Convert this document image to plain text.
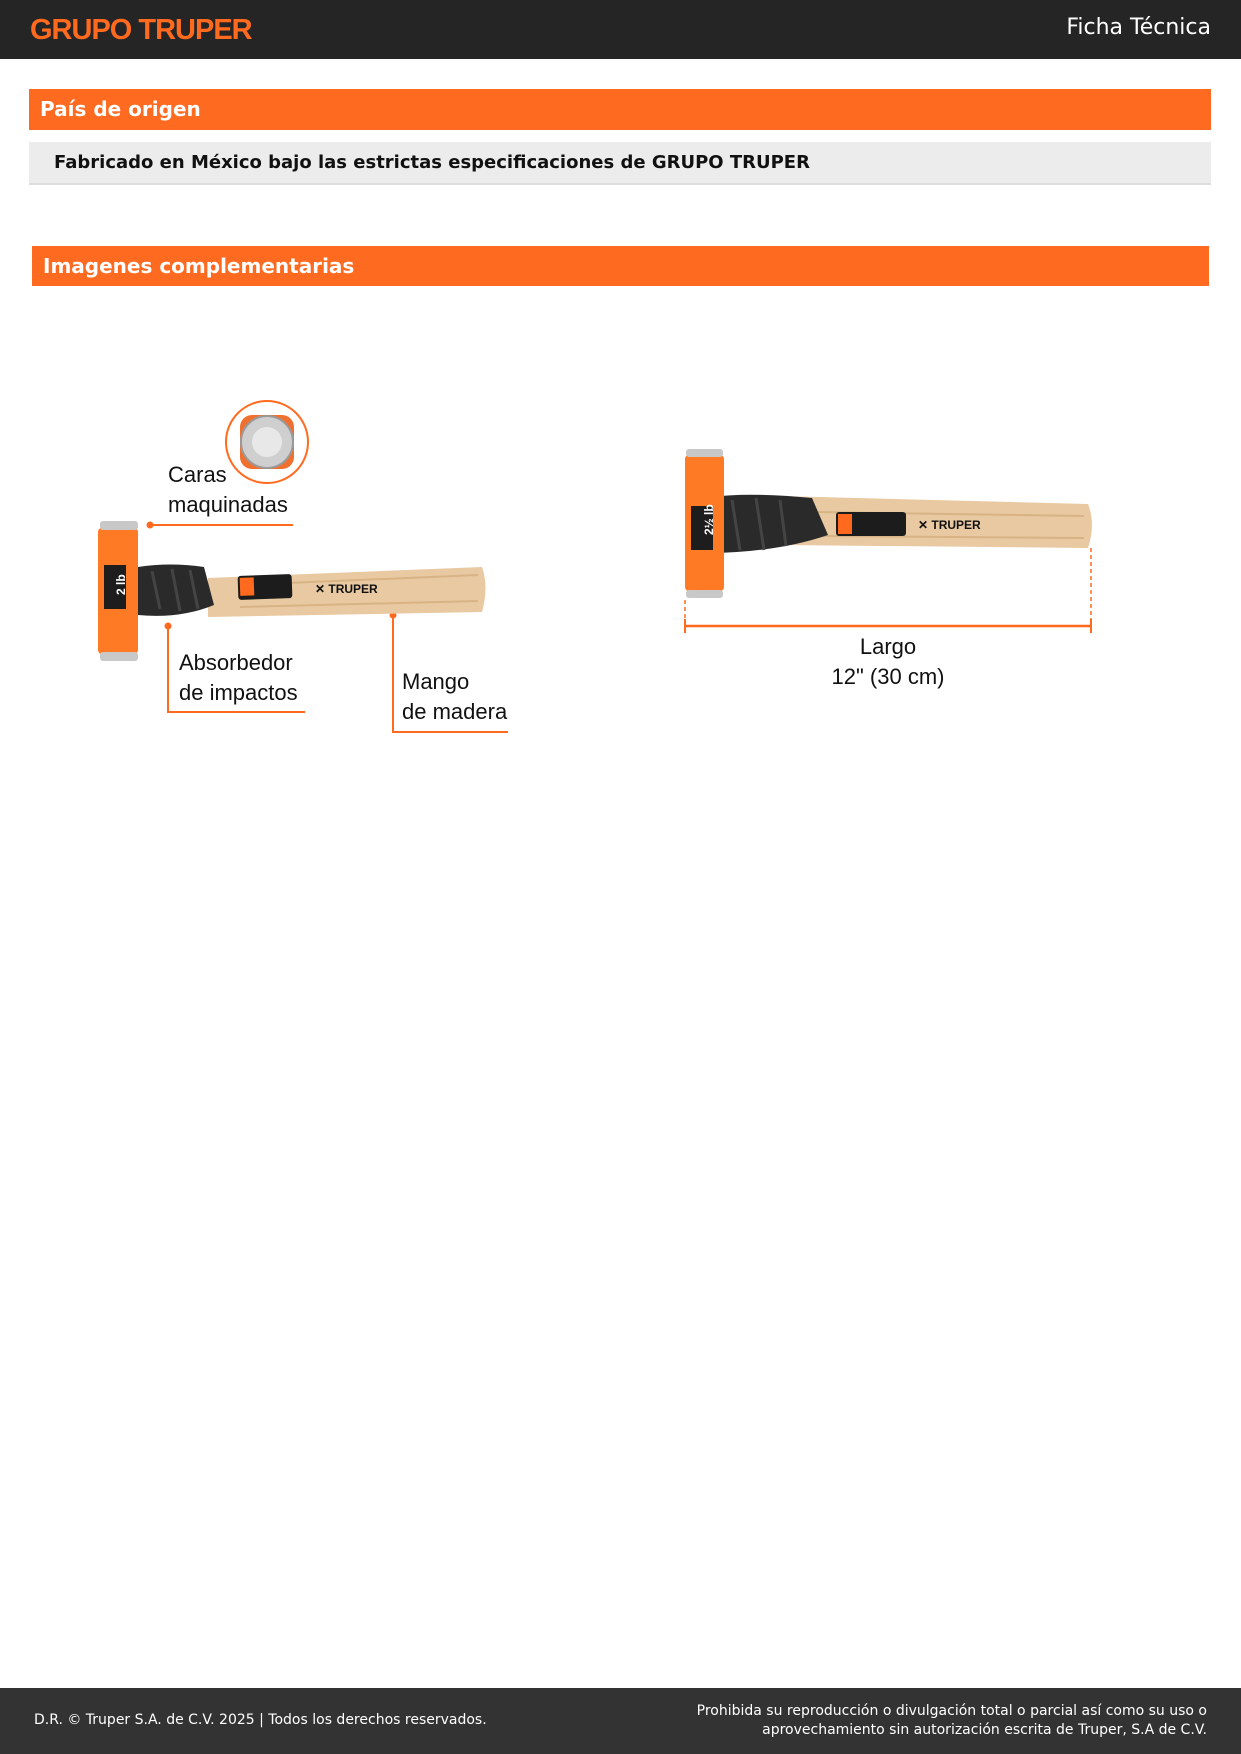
GRUPO TRUPER	Ficha Técnica
País de origen
Fabricado en México bajo las estrictas especificaciones de GRUPO TRUPER
Imagenes complementarias
✕ TRUPER
2 lb
Caras
maquinadas
Absorbedor
de impactos	Mango
de madera
✕ TRUPER
2½ lb
Largo
12" (30 cm)
D.R. © Truper S.A. de C.V. 2025 | Todos los derechos reservados.
Prohibida su reproducción o divulgación total o parcial así como su uso o
aprovechamiento sin autorización escrita de Truper, S.A de C.V.
